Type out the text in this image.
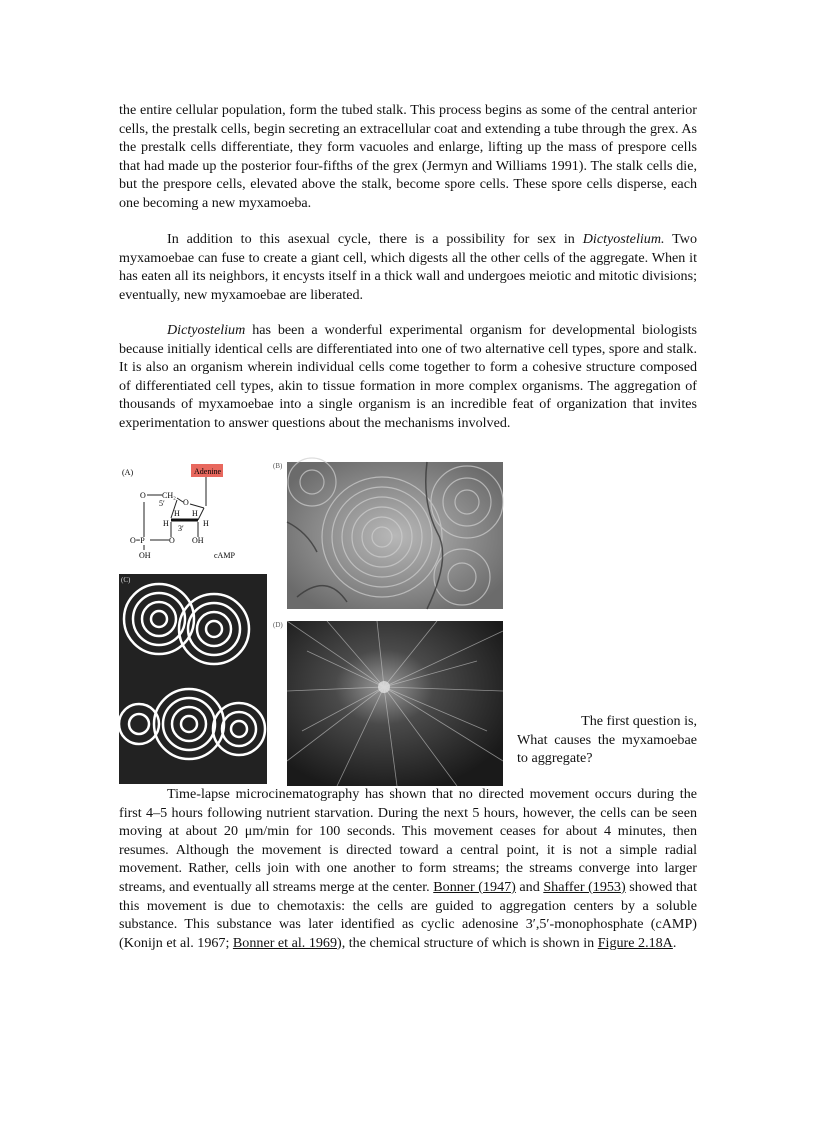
the entire cellular population, form the tubed stalk. This process begins as some of the central anterior cells, the prestalk cells, begin secreting an extracellular coat and extending a tube through the grex. As the prestalk cells differentiate, they form vacuoles and enlarge, lifting up the mass of prespore cells that had made up the posterior four-fifths of the grex (Jermyn and Williams 1991). The stalk cells die, but the prespore cells, elevated above the stalk, become spore cells. These spore cells disperse, each one becoming a new myxamoeba.

In addition to this asexual cycle, there is a possibility for sex in Dictyostelium. Two myxamoebae can fuse to create a giant cell, which digests all the other cells of the aggregate. When it has eaten all its neighbors, it encysts itself in a thick wall and undergoes meiotic and mitotic divisions; eventually, new myxamoebae are liberated.

Dictyostelium has been a wonderful experimental organism for developmental biologists because initially identical cells are differentiated into one of two alternative cell types, spore and stalk. It is also an organism wherein individual cells come together to form a cohesive structure composed of differentiated cell types, akin to tissue formation in more complex organisms. The aggregation of thousands of myxamoebae into a single organism is an incredible feat of organization that invites experimentation to answer questions about the mechanisms involved.

(A)	Adenine
O CH₂
5′ O
H H
H	H
3′
O=P	O OH
OH	cAMP
(B)
(C)
(D)

The first question is,
What causes the myxamoebae to aggregate?

Time-lapse microcinematography has shown that no directed movement occurs during the first 4–5 hours following nutrient starvation. During the next 5 hours, however, the cells can be seen moving at about 20 μm/min for 100 seconds. This movement ceases for about 4 minutes, then resumes. Although the movement is directed toward a central point, it is not a simple radial movement. Rather, cells join with one another to form streams; the streams converge into larger streams, and eventually all streams merge at the center. Bonner (1947) and Shaffer (1953) showed that this movement is due to chemotaxis: the cells are guided to aggregation centers by a soluble substance. This substance was later identified as cyclic adenosine 3′,5′-monophosphate (cAMP) (Konijn et al. 1967; Bonner et al. 1969), the chemical structure of which is shown in Figure 2.18A.
